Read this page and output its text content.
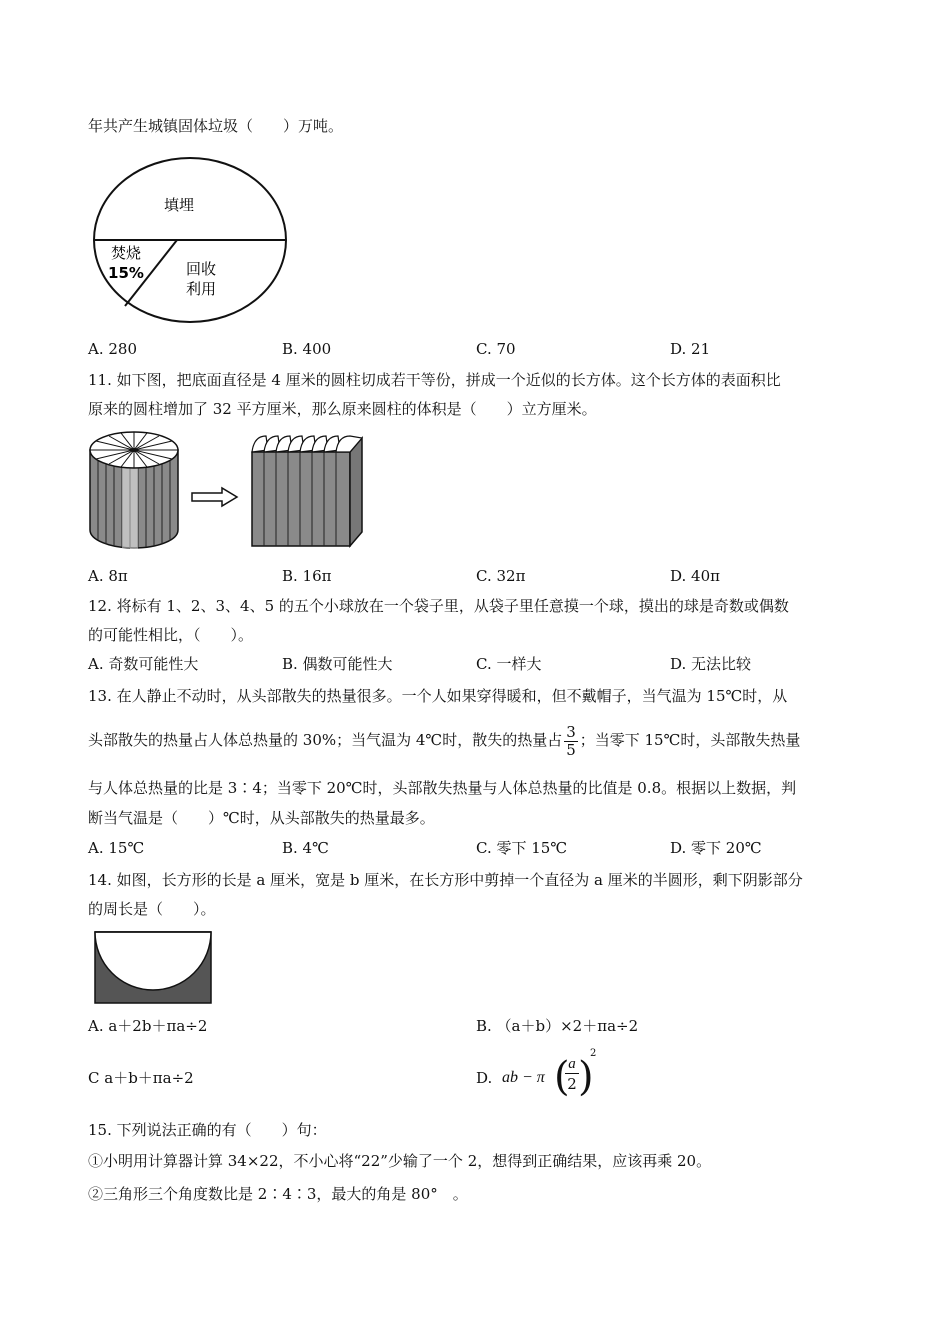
年共产生城镇固体垃圾（　　）万吨。
填埋
焚烧
15%	回收
利用
A. 280	B. 400	C. 70	D. 21
11. 如下图，把底面直径是 4 厘米的圆柱切成若干等份，拼成一个近似的长方体。这个长方体的表面积比
原来的圆柱增加了 32 平方厘米，那么原来圆柱的体积是（　　）立方厘米。
A. 8π	B. 16π	C. 32π	D. 40π
12. 将标有 1、2、3、4、5 的五个小球放在一个袋子里，从袋子里任意摸一个球，摸出的球是奇数或偶数
的可能性相比，（　　）。
A. 奇数可能性大	B. 偶数可能性大	C. 一样大	D. 无法比较
13. 在人静止不动时，从头部散失的热量很多。一个人如果穿得暖和，但不戴帽子，当气温为 15℃时，从
头部散失的热量占人体总热量的 30%；当气温为 4℃时，散失的热量占 $\frac{3}{5}$ ；当零下 15℃时，头部散失热量
与人体总热量的比是 3∶4；当零下 20℃时，头部散失热量与人体总热量的比值是 0.8。根据以上数据，判
断当气温是（　　）℃时，从头部散失的热量最多。
A. 15℃	B. 4℃	C. 零下 15℃	D. 零下 20℃
14. 如图，长方形的长是 a 厘米，宽是 b 厘米，在长方形中剪掉一个直径为 a 厘米的半圆形，剩下阴影部分
的周长是（　　）。
A. a＋2b＋πa÷2	B. （a＋b）×2＋πa÷2
C a＋b＋πa÷2	D. ab − π (
a
2 )
2
15. 下列说法正确的有（　　）句：
①小明用计算器计算 34×22，不小心将“22”少输了一个 2，想得到正确结果，应该再乘 20。
②三角形三个角度数比是 2∶4∶3，最大的角是 80°　。
